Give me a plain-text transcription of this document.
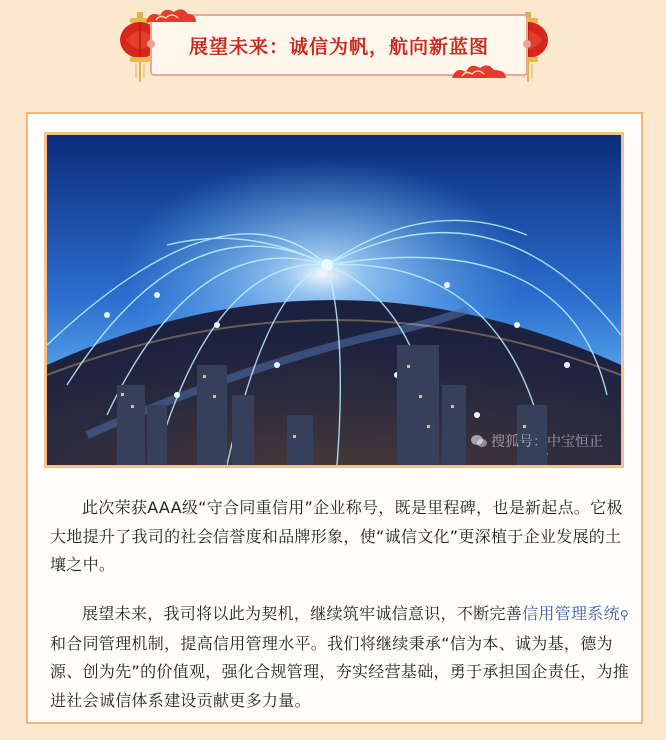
展望未来：诚信为帆，航向新蓝图
搜狐号：中宝恒正

此次荣获AAA级“守合同重信用”企业称号，既是里程碑，也是新起点。它极大地提升了我司的社会信誉度和品牌形象，使“诚信文化”更深植于企业发展的土壤之中。

展望未来，我司将以此为契机，继续筑牢诚信意识，不断完善信用管理系统⚲和合同管理机制，提高信用管理水平。我们将继续秉承“信为本、诚为基，德为源、创为先”的价值观，强化合规管理，夯实经营基础，勇于承担国企责任，为推进社会诚信体系建设贡献更多力量。
